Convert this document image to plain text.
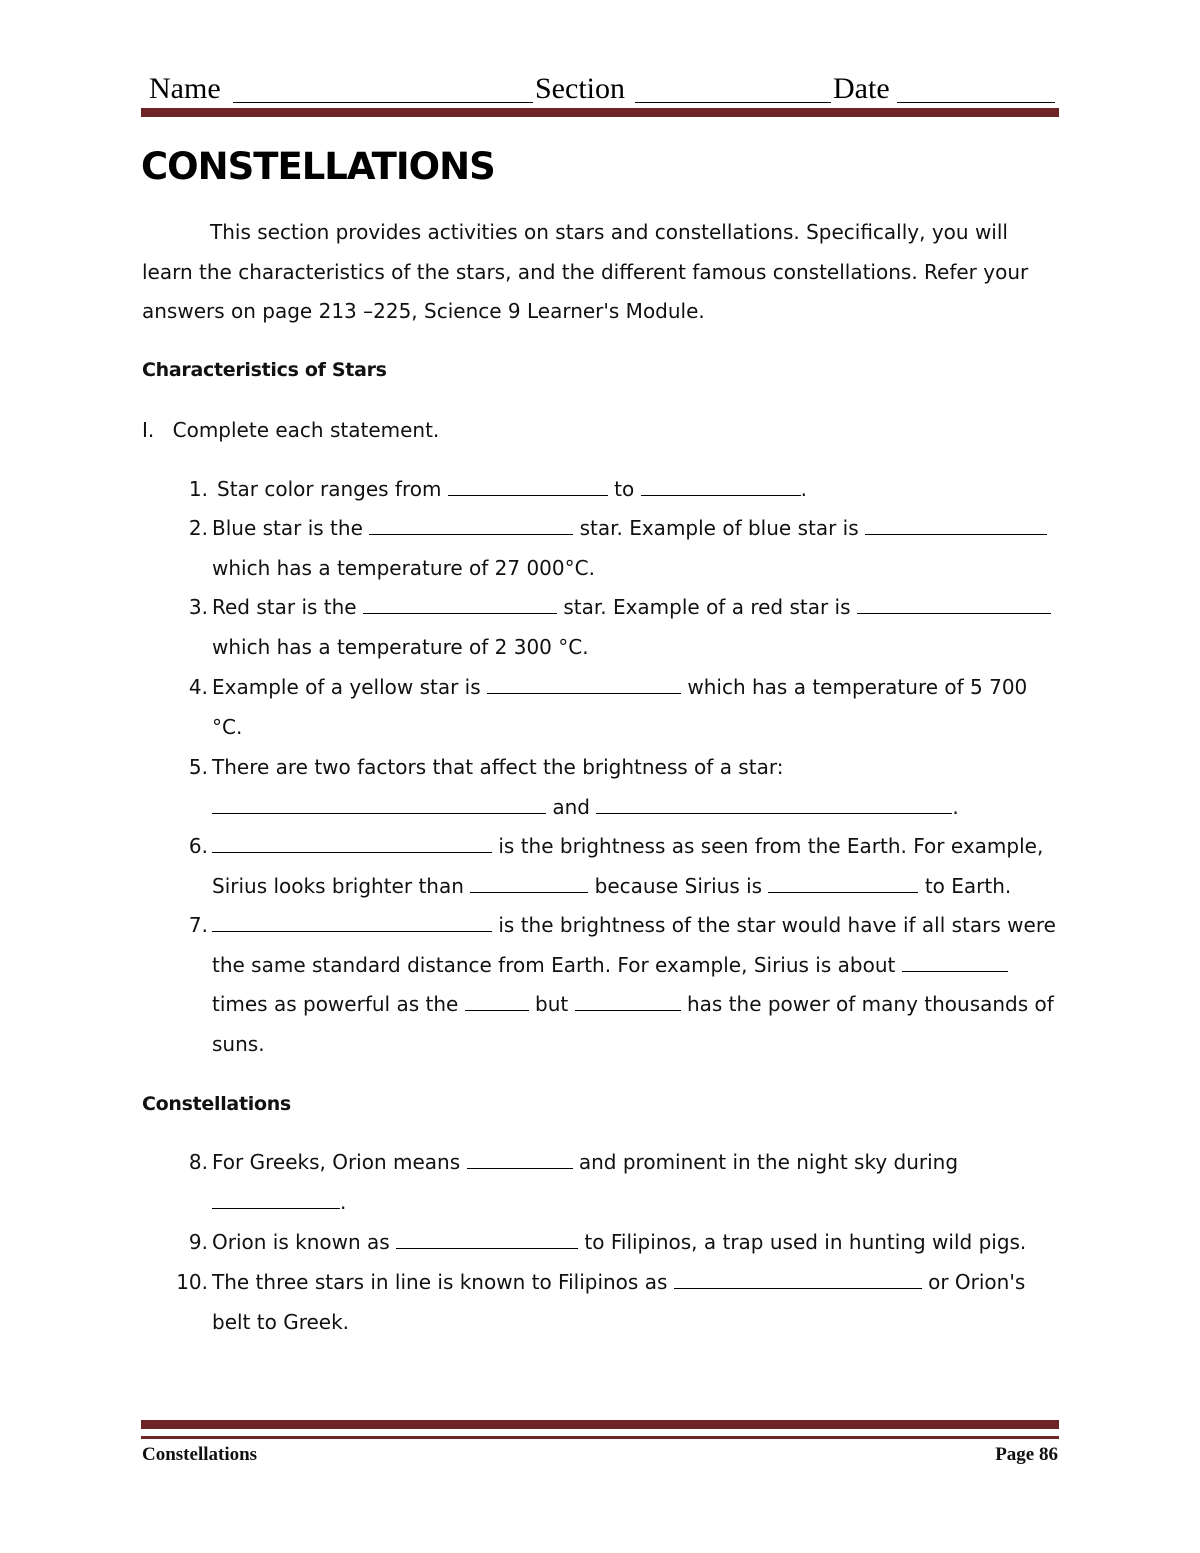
Name	Section	Date
CONSTELLATIONS

This section provides activities on stars and constellations. Specifically, you will
learn the characteristics of the stars, and the different famous constellations. Refer your answers on page 213 –225, Science 9 Learner's Module.

Characteristics of Stars
I. Complete each statement.
1. Star color ranges from	to	.
2. Blue star is the	star. Example of blue star is  which has a temperature of 27 000°C.
3. Red star is the	star. Example of a red star is  which has a temperature of 2 300 °C.
4. Example of a yellow star is	which has a temperature of 5 700 °C.
5. There are two factors that affect the brightness of a star:
and	.
6.	is the brightness as seen from the Earth. For example, Sirius looks brighter than	because Sirius is	to Earth.
7.	is the brightness of the star would have if all stars were the same standard distance from Earth. For example, Sirius is about  times as powerful as the	but	has the power of many thousands of suns.
Constellations
8. For Greeks, Orion means	and prominent in the night sky during
.
9. Orion is known as	to Filipinos, a trap used in hunting wild pigs.
10. The three stars in line is known to Filipinos as	or Orion's belt to Greek.
Constellations	Page 86
